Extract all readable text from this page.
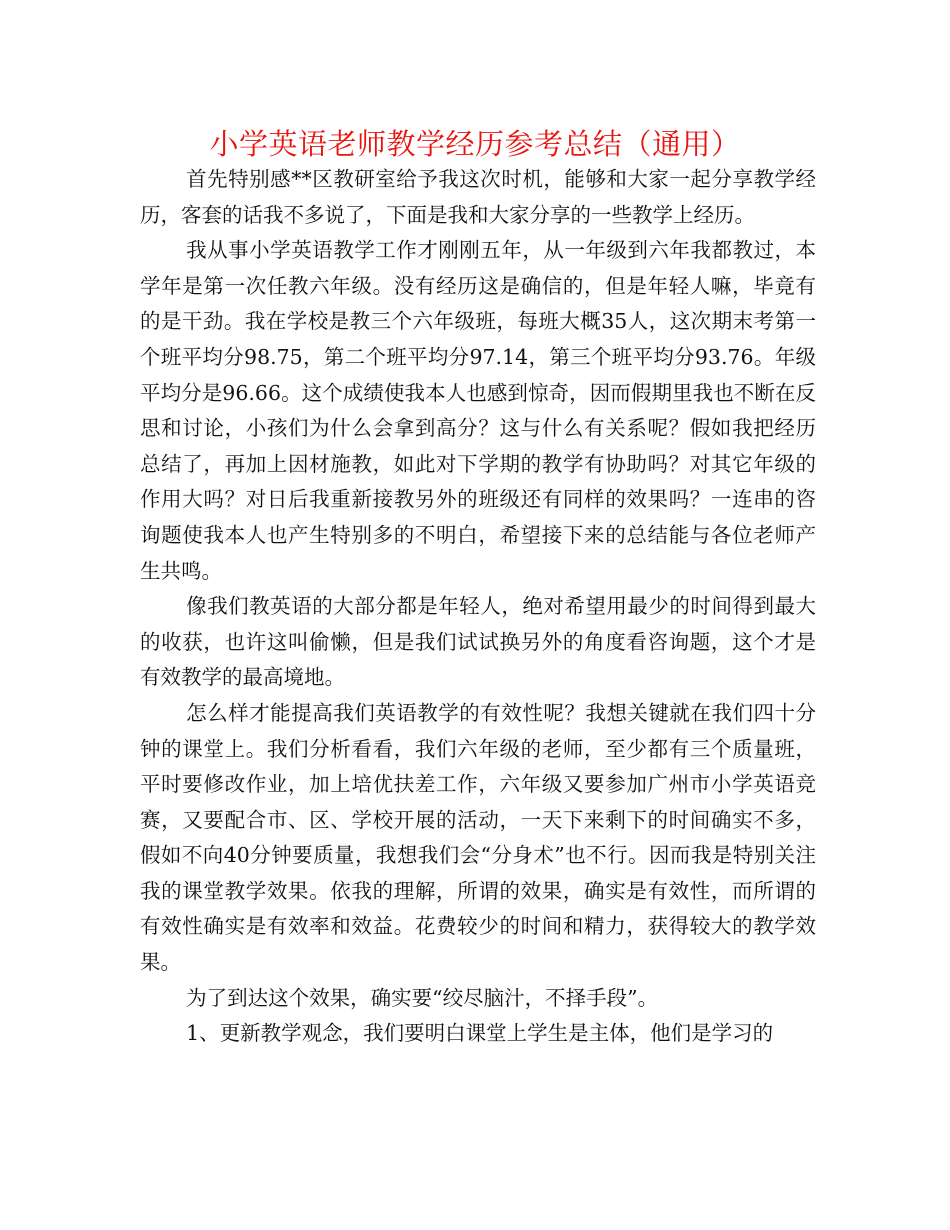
小学英语老师教学经历参考总结（通用）

首先特别感**区教研室给予我这次时机，能够和大家一起分享教学经历，客套的话我不多说了，下面是我和大家分享的一些教学上经历。

我从事小学英语教学工作才刚刚五年，从一年级到六年我都教过，本学年是第一次任教六年级。没有经历这是确信的，但是年轻人嘛，毕竟有的是干劲。我在学校是教三个六年级班，每班大概35人，这次期末考第一个班平均分98.75，第二个班平均分97.14，第三个班平均分93.76。年级平均分是96.66。这个成绩使我本人也感到惊奇，因而假期里我也不断在反思和讨论，小孩们为什么会拿到高分？这与什么有关系呢？假如我把经历总结了，再加上因材施教，如此对下学期的教学有协助吗？对其它年级的作用大吗？对日后我重新接教另外的班级还有同样的效果吗？一连串的咨询题使我本人也产生特别多的不明白，希望接下来的总结能与各位老师产生共鸣。

像我们教英语的大部分都是年轻人，绝对希望用最少的时间得到最大的收获，也许这叫偷懒，但是我们试试换另外的角度看咨询题，这个才是有效教学的最高境地。

怎么样才能提高我们英语教学的有效性呢？我想关键就在我们四十分钟的课堂上。我们分析看看，我们六年级的老师，至少都有三个质量班，平时要修改作业，加上培优扶差工作，六年级又要参加广州市小学英语竞赛，又要配合市、区、学校开展的活动，一天下来剩下的时间确实不多，假如不向40分钟要质量，我想我们会“分身术”也不行。因而我是特别关注我的课堂教学效果。依我的理解，所谓的效果，确实是有效性，而所谓的有效性确实是有效率和效益。花费较少的时间和精力，获得较大的教学效果。

为了到达这个效果，确实要“绞尽脑汁，不择手段”。

1、更新教学观念，我们要明白课堂上学生是主体，他们是学习的
